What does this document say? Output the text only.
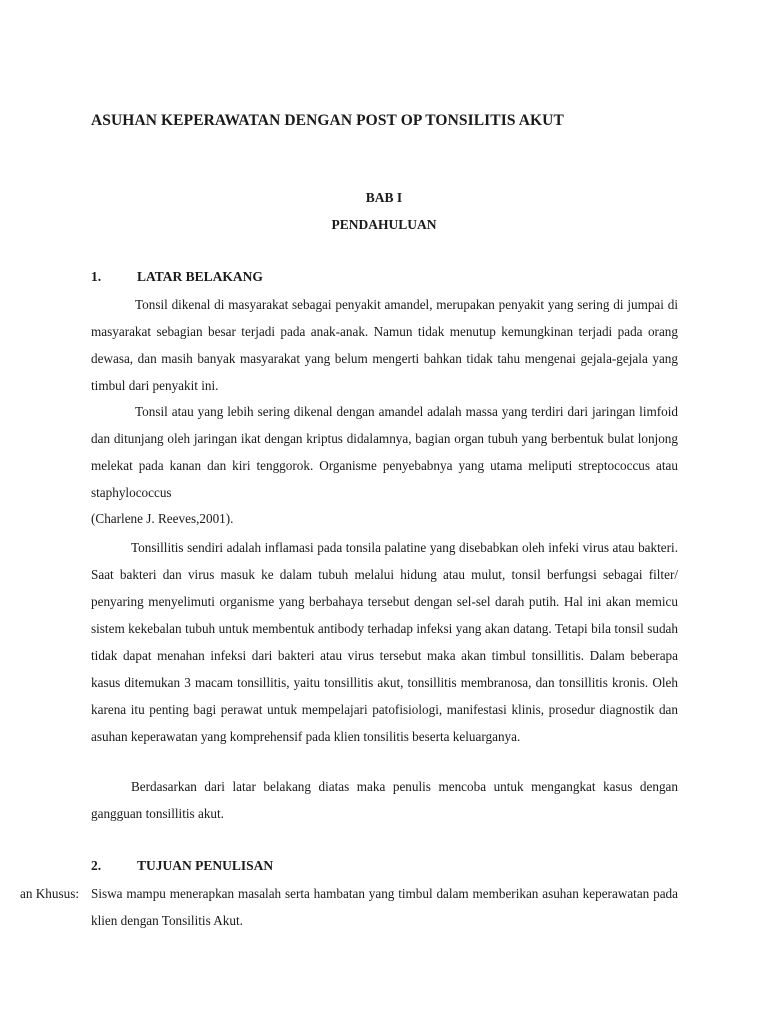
ASUHAN KEPERAWATAN DENGAN POST OP TONSILITIS AKUT
BAB I
PENDAHULUAN
1.	LATAR BELAKANG
Tonsil dikenal di masyarakat sebagai penyakit amandel, merupakan penyakit yang sering di jumpai di masyarakat sebagian besar terjadi pada anak-anak. Namun tidak menutup kemungkinan terjadi pada orang dewasa, dan masih banyak masyarakat yang belum mengerti bahkan tidak tahu mengenai gejala-gejala yang timbul dari penyakit ini.
Tonsil atau yang lebih sering dikenal dengan amandel adalah massa yang terdiri dari jaringan limfoid dan ditunjang oleh jaringan ikat dengan kriptus didalamnya, bagian organ tubuh yang berbentuk bulat lonjong melekat pada kanan dan kiri tenggorok. Organisme penyebabnya yang utama meliputi streptococcus atau staphylococcus
(Charlene J. Reeves,2001).
Tonsillitis sendiri adalah inflamasi pada tonsila palatine yang disebabkan oleh infeki virus atau bakteri. Saat bakteri dan virus masuk ke dalam tubuh melalui hidung atau mulut, tonsil berfungsi sebagai filter/ penyaring menyelimuti organisme yang berbahaya tersebut dengan sel-sel darah putih. Hal ini akan memicu sistem kekebalan tubuh untuk membentuk antibody terhadap infeksi yang akan datang. Tetapi bila tonsil sudah tidak dapat menahan infeksi dari bakteri atau virus tersebut maka akan timbul tonsillitis. Dalam beberapa kasus ditemukan 3 macam tonsillitis, yaitu tonsillitis akut, tonsillitis membranosa, dan tonsillitis kronis. Oleh karena itu penting bagi perawat untuk mempelajari patofisiologi, manifestasi klinis, prosedur diagnostik dan asuhan keperawatan yang komprehensif pada klien tonsilitis beserta keluarganya.
Berdasarkan dari latar belakang diatas maka penulis mencoba untuk mengangkat kasus dengan gangguan tonsillitis akut.
2.	TUJUAN PENULISAN
an Khusus: Siswa mampu menerapkan masalah serta hambatan yang timbul dalam memberikan asuhan keperawatan pada klien dengan Tonsilitis Akut.
